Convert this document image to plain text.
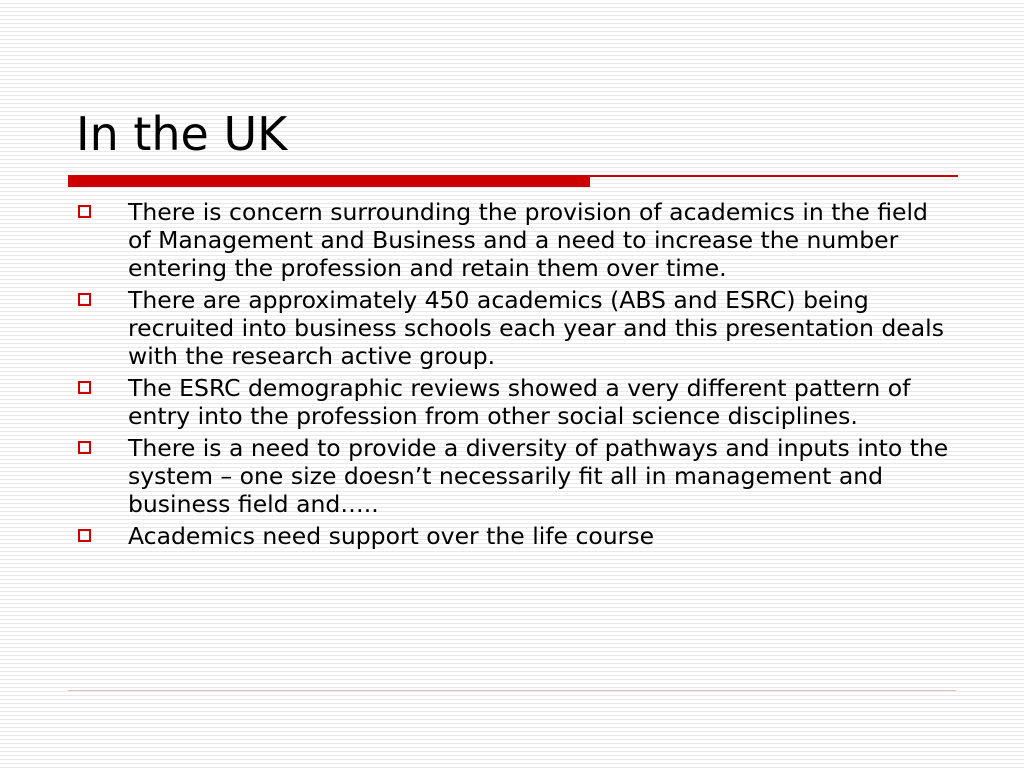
In the UK
There is concern surrounding the provision of academics in the field of Management and Business and a need to increase the number entering the profession and retain them over time.
There are approximately 450 academics (ABS and ESRC) being recruited into business schools each year and this presentation deals with the research active group.
The ESRC demographic reviews showed a very different pattern of entry into the profession from other social science disciplines.
There is a need to provide a diversity of pathways and inputs into the system – one size doesn’t necessarily fit all in management and business field and…..
Academics need support over the life course
